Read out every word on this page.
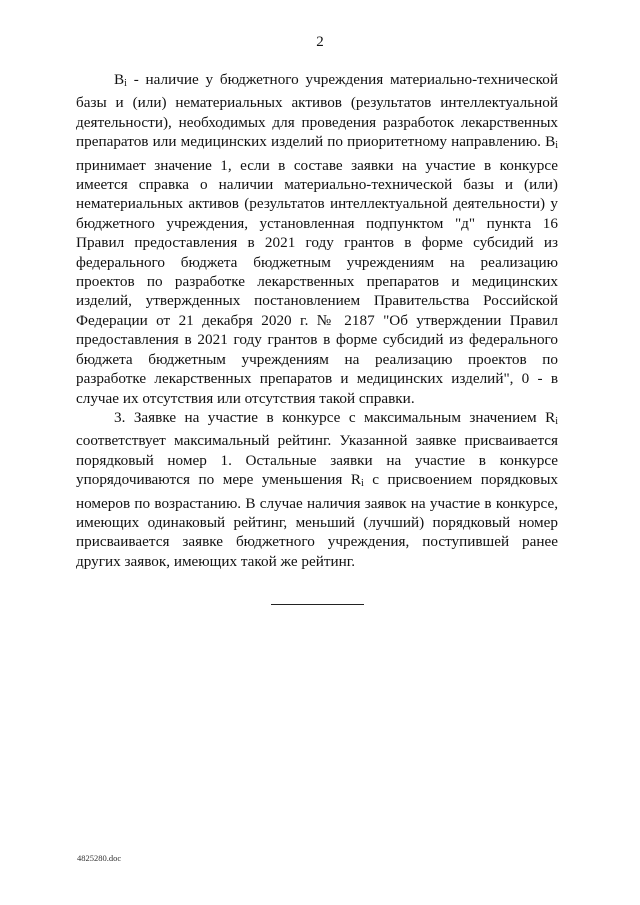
2

$B_i$ - наличие у бюджетного учреждения материально-технической базы и (или) нематериальных активов (результатов интеллектуальной деятельности), необходимых для проведения разработок лекарственных препаратов или медицинских изделий по приоритетному направлению. $B_i$ принимает значение 1, если в составе заявки на участие в конкурсе имеется справка о наличии материально-технической базы и (или) нематериальных активов (результатов интеллектуальной деятельности) у бюджетного учреждения, установленная подпунктом "д" пункта 16 Правил предоставления в 2021 году грантов в форме субсидий из федерального бюджета бюджетным учреждениям на реализацию проектов по разработке лекарственных препаратов и медицинских изделий, утвержденных постановлением Правительства Российской Федерации от 21 декабря 2020 г. № 2187 "Об утверждении Правил предоставления в 2021 году грантов в форме субсидий из федерального бюджета бюджетным учреждениям на реализацию проектов по разработке лекарственных препаратов и медицинских изделий", 0 - в случае их отсутствия или отсутствия такой справки.

3. Заявке на участие в конкурсе с максимальным значением $R_i$ соответствует максимальный рейтинг. Указанной заявке присваивается порядковый номер 1. Остальные заявки на участие в конкурсе упорядочиваются по мере уменьшения $R_i$ с присвоением порядковых номеров по возрастанию. В случае наличия заявок на участие в конкурсе, имеющих одинаковый рейтинг, меньший (лучший) порядковый номер присваивается заявке бюджетного учреждения, поступившей ранее других заявок, имеющих такой же рейтинг.

4825280.doc
